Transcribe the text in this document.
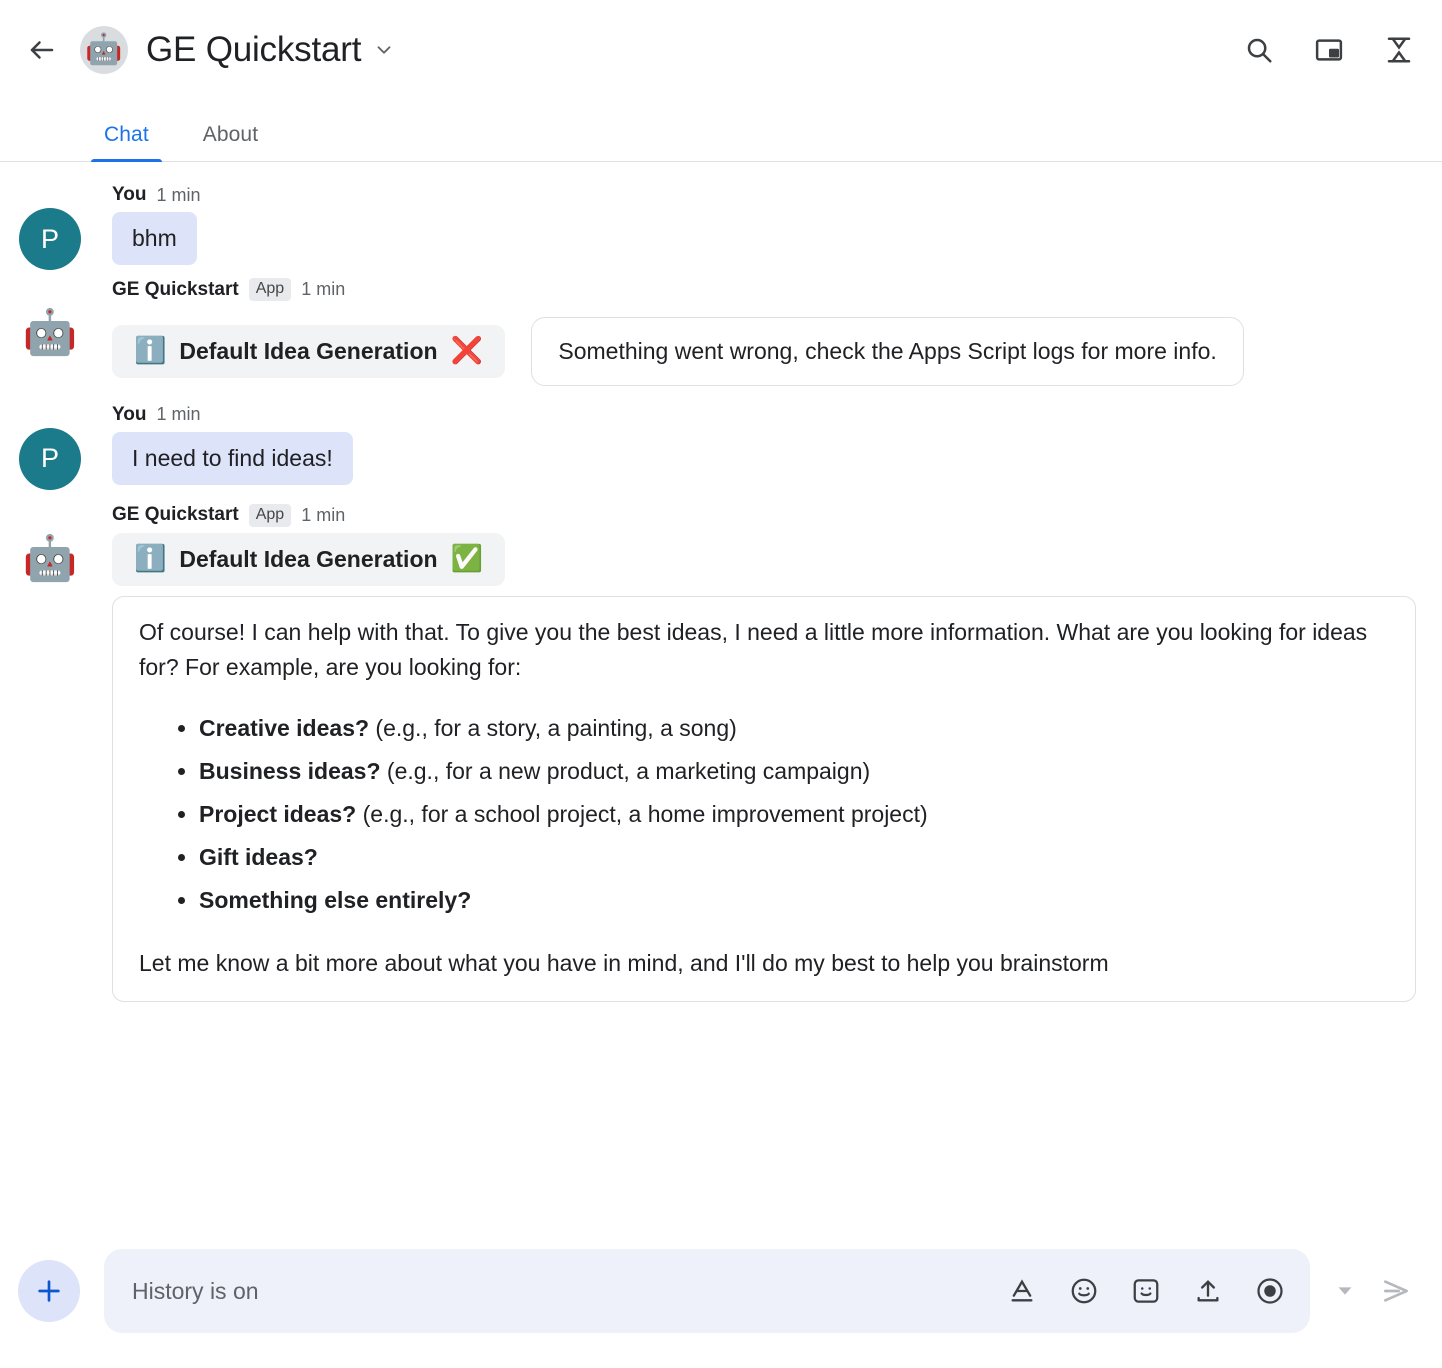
🤖 GE Quickstart
Chat	About
P
You 1 min
bhm
🤖
GE Quickstart	App 1 min
ℹ️ Default Idea Generation ❌
	Something went wrong, check the Apps Script logs for more info.

P
You 1 min
I need to find ideas!
🤖
GE Quickstart	App 1 min
ℹ️ Default Idea Generation ✅

Of course! I can help with that. To give you the best ideas, I need a little more information. What are you looking for ideas for? For example, are you looking for:

• Creative ideas? (e.g., for a story, a painting, a song)
• Business ideas? (e.g., for a new product, a marketing campaign)
• Project ideas? (e.g., for a school project, a home improvement project)
• Gift ideas?
• Something else entirely?

Let me know a bit more about what you have in mind, and I'll do my best to help you brainstorm

History is on
